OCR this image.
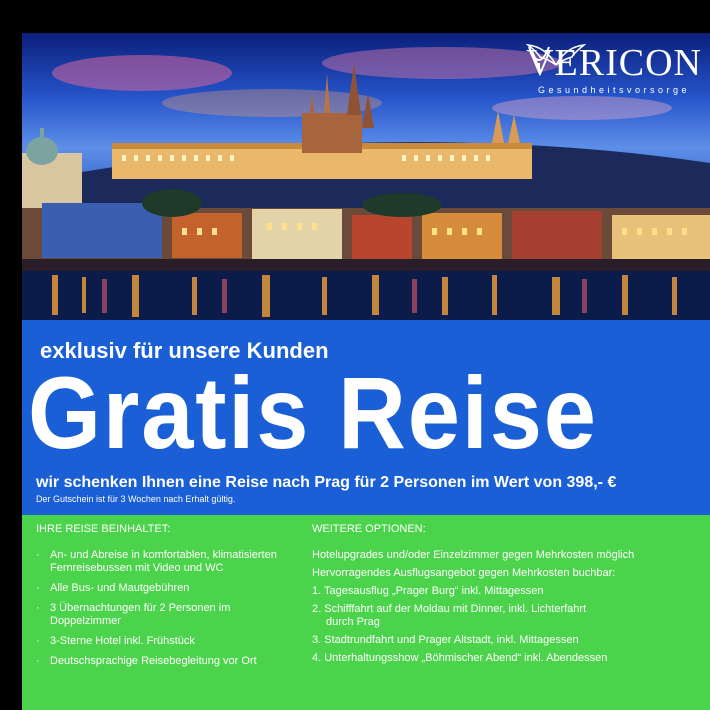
VERI
CON
Gesundheitsvorsorge
exklusiv für unsere Kunden
Gratis Reise
wir schenken Ihnen eine Reise nach Prag für 2 Personen im Wert von 398,- €
Der Gutschein ist für 3 Wochen nach Erhalt gültig.
IHRE REISE BEINHALTET:
· An- und Abreise in komfortablen, klimatisierten Fernreisebussen mit Video und WC
· Alle Bus- und Mautgebühren
· 3 Übernachtungen für 2 Personen im Doppelzimmer
· 3-Sterne Hotel inkl. Frühstück
· Deutschsprachige Reisebegleitung vor Ort
WEITERE OPTIONEN:
Hotelupgrades und/oder Einzelzimmer gegen Mehrkosten möglich
Hervorragendes Ausflugsangebot gegen Mehrkosten buchbar:
1. Tagesausflug „Prager Burg“ inkl. Mittagessen
2. Schifffahrt auf der Moldau mit Dinner, inkl. Lichterfahrt
durch Prag
3. Stadtrundfahrt und Prager Altstadt, inkl. Mittagessen
4. Unterhaltungsshow „Böhmischer Abend“ inkl. Abendessen
